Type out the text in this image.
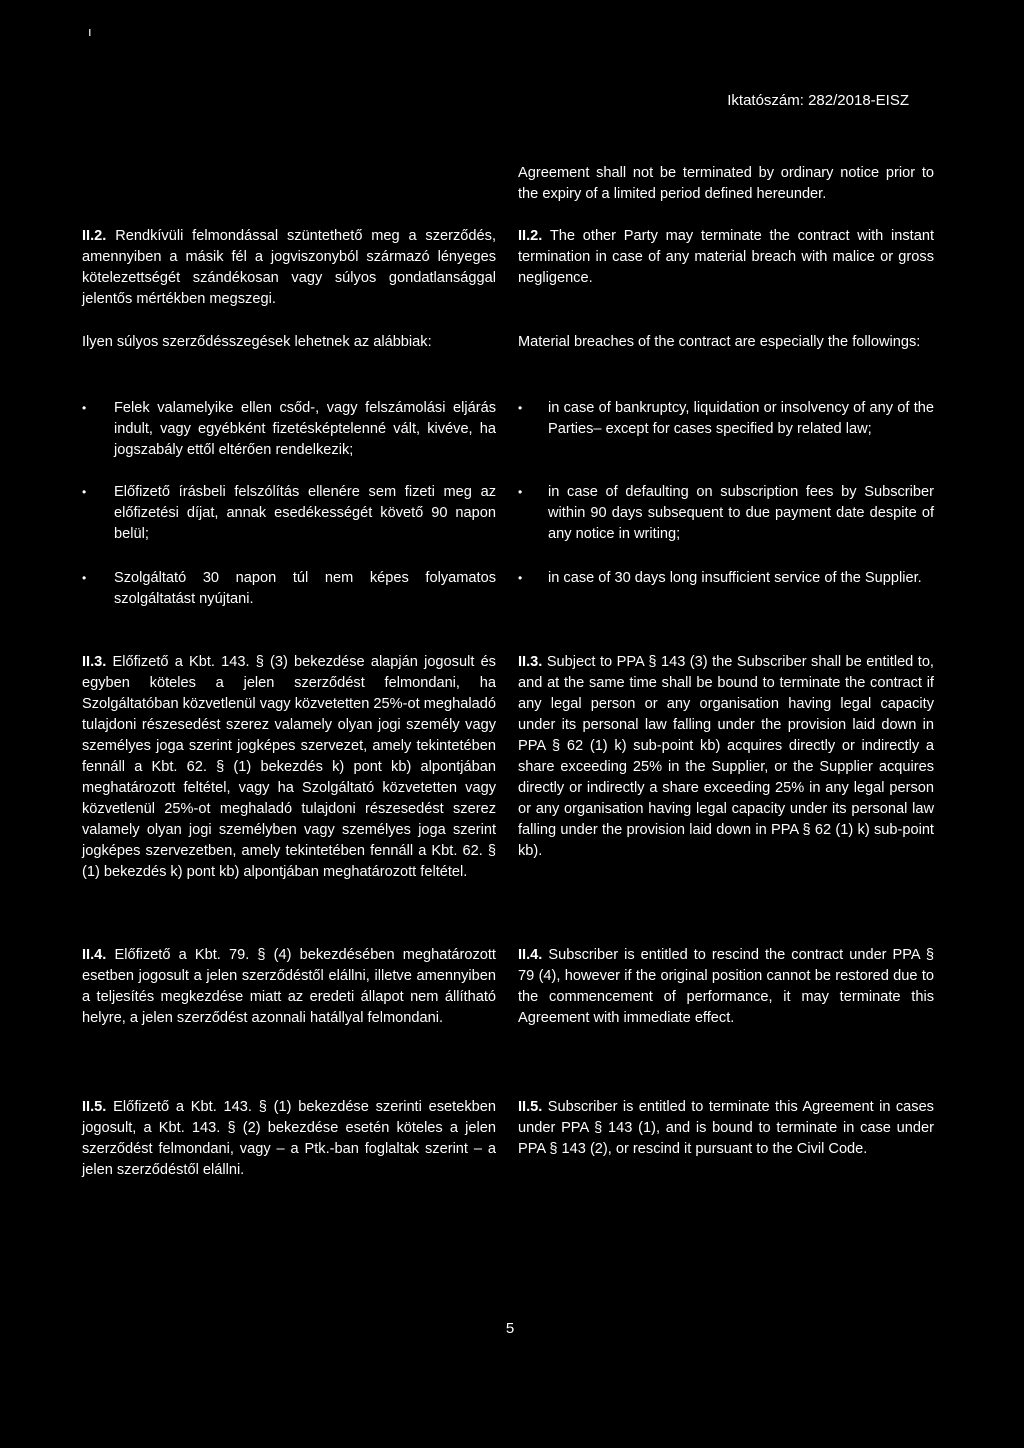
ı
Iktatószám: 282/2018-EISZ
Agreement shall not be terminated by ordinary notice prior to the expiry of a limited period defined hereunder.
II.2. Rendkívüli felmondással szüntethető meg a szerződés, amennyiben a másik fél a jogviszonyból származó lényeges kötelezettségét szándékosan vagy súlyos gondatlansággal jelentős mértékben megszegi.
II.2. The other Party may terminate the contract with instant termination in case of any material breach with malice or gross negligence.
Ilyen súlyos szerződésszegések lehetnek az alábbiak:	Material breaches of the contract are especially the followings:
• Felek valamelyike ellen csőd-, vagy felszámolási eljárás indult, vagy egyébként fizetésképtelenné vált, kivéve, ha jogszabály ettől eltérően rendelkezik;
• Előfizető írásbeli felszólítás ellenére sem fizeti meg az előfizetési díjat, annak esedékességét követő 90 napon belül;
• Szolgáltató 30 napon túl nem képes folyamatos szolgáltatást nyújtani.
• in case of bankruptcy, liquidation or insolvency of any of the Parties– except for cases specified by related law;
• in case of defaulting on subscription fees by Subscriber within 90 days subsequent to due payment date despite of any notice in writing;
• in case of 30 days long insufficient service of the Supplier.
II.3. Előfizető a Kbt. 143. § (3) bekezdése alapján jogosult és egyben köteles a jelen szerződést felmondani, ha Szolgáltatóban közvetlenül vagy közvetetten 25%-ot meghaladó tulajdoni részesedést szerez valamely olyan jogi személy vagy személyes joga szerint jogképes szervezet, amely tekintetében fennáll a Kbt. 62. § (1) bekezdés k) pont kb) alpontjában meghatározott feltétel, vagy ha Szolgáltató közvetetten vagy közvetlenül 25%-ot meghaladó tulajdoni részesedést szerez valamely olyan jogi személyben vagy személyes joga szerint jogképes szervezetben, amely tekintetében fennáll a Kbt. 62. § (1) bekezdés k) pont kb) alpontjában meghatározott feltétel.
II.3. Subject to PPA § 143 (3) the Subscriber shall be entitled to, and at the same time shall be bound to terminate the contract if any legal person or any organisation having legal capacity under its personal law falling under the provision laid down in PPA § 62 (1) k) sub-point kb) acquires directly or indirectly a share exceeding 25% in the Supplier, or the Supplier acquires directly or indirectly a share exceeding 25% in any legal person or any organisation having legal capacity under its personal law falling under the provision laid down in PPA § 62 (1) k) sub-point kb).
II.4. Előfizető a Kbt. 79. § (4) bekezdésében meghatározott esetben jogosult a jelen szerződéstől elállni, illetve amennyiben a teljesítés megkezdése miatt az eredeti állapot nem állítható helyre, a jelen szerződést azonnali hatállyal felmondani.
II.4. Subscriber is entitled to rescind the contract under PPA § 79 (4), however if the original position cannot be restored due to the commencement of performance, it may terminate this Agreement with immediate effect.
II.5. Előfizető a Kbt. 143. § (1) bekezdése szerinti esetekben jogosult, a Kbt. 143. § (2) bekezdése esetén köteles a jelen szerződést felmondani, vagy – a Ptk.-ban foglaltak szerint – a jelen szerződéstől elállni.
II.5. Subscriber is entitled to terminate this Agreement in cases under PPA § 143 (1), and is bound to terminate in case under PPA § 143 (2), or rescind it pursuant to the Civil Code.
5
